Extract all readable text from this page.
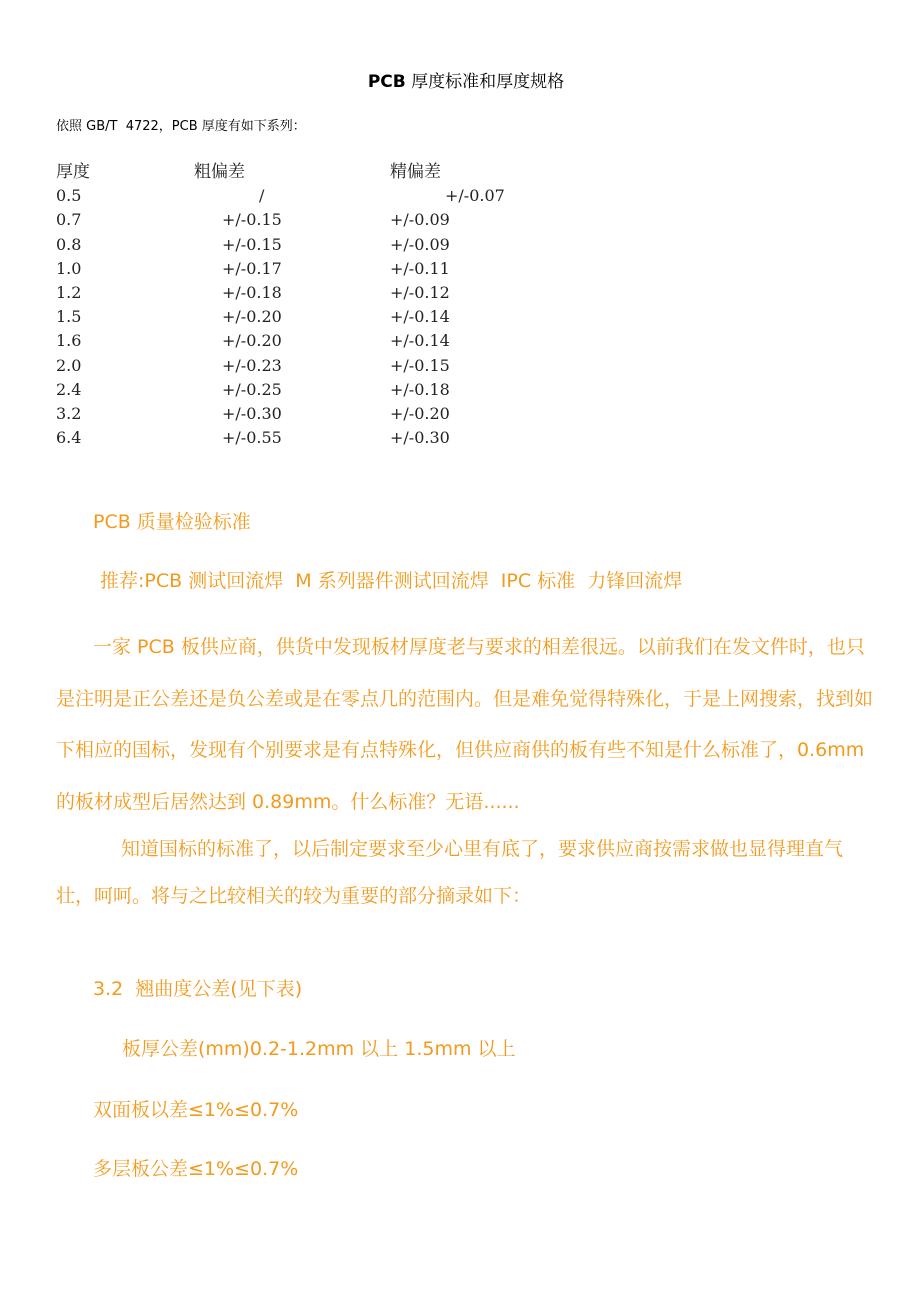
PCB 厚度标准和厚度规格
依照 GB/T  4722，PCB 厚度有如下系列：
厚度	粗偏差	精偏差
0.5	/	+/-0.07
0.7	+/-0.15	+/-0.09
0.8	+/-0.15	+/-0.09
1.0	+/-0.17	+/-0.11
1.2	+/-0.18	+/-0.12
1.5	+/-0.20	+/-0.14
1.6	+/-0.20	+/-0.14
2.0	+/-0.23	+/-0.15
2.4	+/-0.25	+/-0.18
3.2	+/-0.30	+/-0.20
6.4	+/-0.55	+/-0.30
PCB 质量检验标准
推荐:PCB 测试回流焊  M 系列器件测试回流焊  IPC 标准  力锋回流焊

一家 PCB 板供应商，供货中发现板材厚度老与要求的相差很远。以前我们在发文件时，也只是注明是正公差还是负公差或是在零点几的范围内。但是难免觉得特殊化，于是上网搜索，找到如下相应的国标，发现有个别要求是有点特殊化，但供应商供的板有些不知是什么标准了，0.6mm 的板材成型后居然达到 0.89mm。什么标准？无语......

知道国标的标准了，以后制定要求至少心里有底了，要求供应商按需求做也显得理直气壮，呵呵。将与之比较相关的较为重要的部分摘录如下：

3.2  翘曲度公差(见下表)
板厚公差(mm)0.2-1.2mm 以上 1.5mm 以上
双面板以差≤1%≤0.7%
多层板公差≤1%≤0.7%
